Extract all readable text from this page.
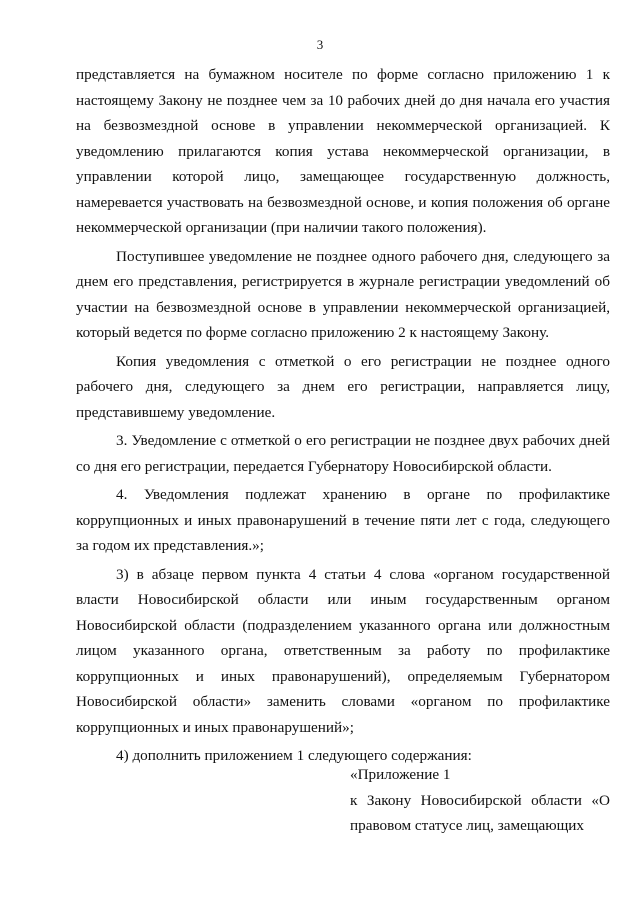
3

представляется на бумажном носителе по форме согласно приложению 1 к настоящему Закону не позднее чем за 10 рабочих дней до дня начала его участия на безвозмездной основе в управлении некоммерческой организацией. К уведомлению прилагаются копия устава некоммерческой организации, в управлении которой лицо, замещающее государственную должность, намеревается участвовать на безвозмездной основе, и копия положения об органе некоммерческой организации (при наличии такого положения).

Поступившее уведомление не позднее одного рабочего дня, следующего за днем его представления, регистрируется в журнале регистрации уведомлений об участии на безвозмездной основе в управлении некоммерческой организацией, который ведется по форме согласно приложению 2 к настоящему Закону.

Копия уведомления с отметкой о его регистрации не позднее одного рабочего дня, следующего за днем его регистрации, направляется лицу, представившему уведомление.

3. Уведомление с отметкой о его регистрации не позднее двух рабочих дней со дня его регистрации, передается Губернатору Новосибирской области.

4. Уведомления подлежат хранению в органе по профилактике коррупционных и иных правонарушений в течение пяти лет с года, следующего за годом их представления.»;

3) в абзаце первом пункта 4 статьи 4 слова «органом государственной власти Новосибирской области или иным государственным органом Новосибирской области (подразделением указанного органа или должностным лицом указанного органа, ответственным за работу по профилактике коррупционных и иных правонарушений), определяемым Губернатором Новосибирской области» заменить словами «органом по профилактике коррупционных и иных правонарушений»;

4) дополнить приложением 1 следующего содержания:

«Приложение 1

к Закону Новосибирской области «О правовом статусе лиц, замещающих
